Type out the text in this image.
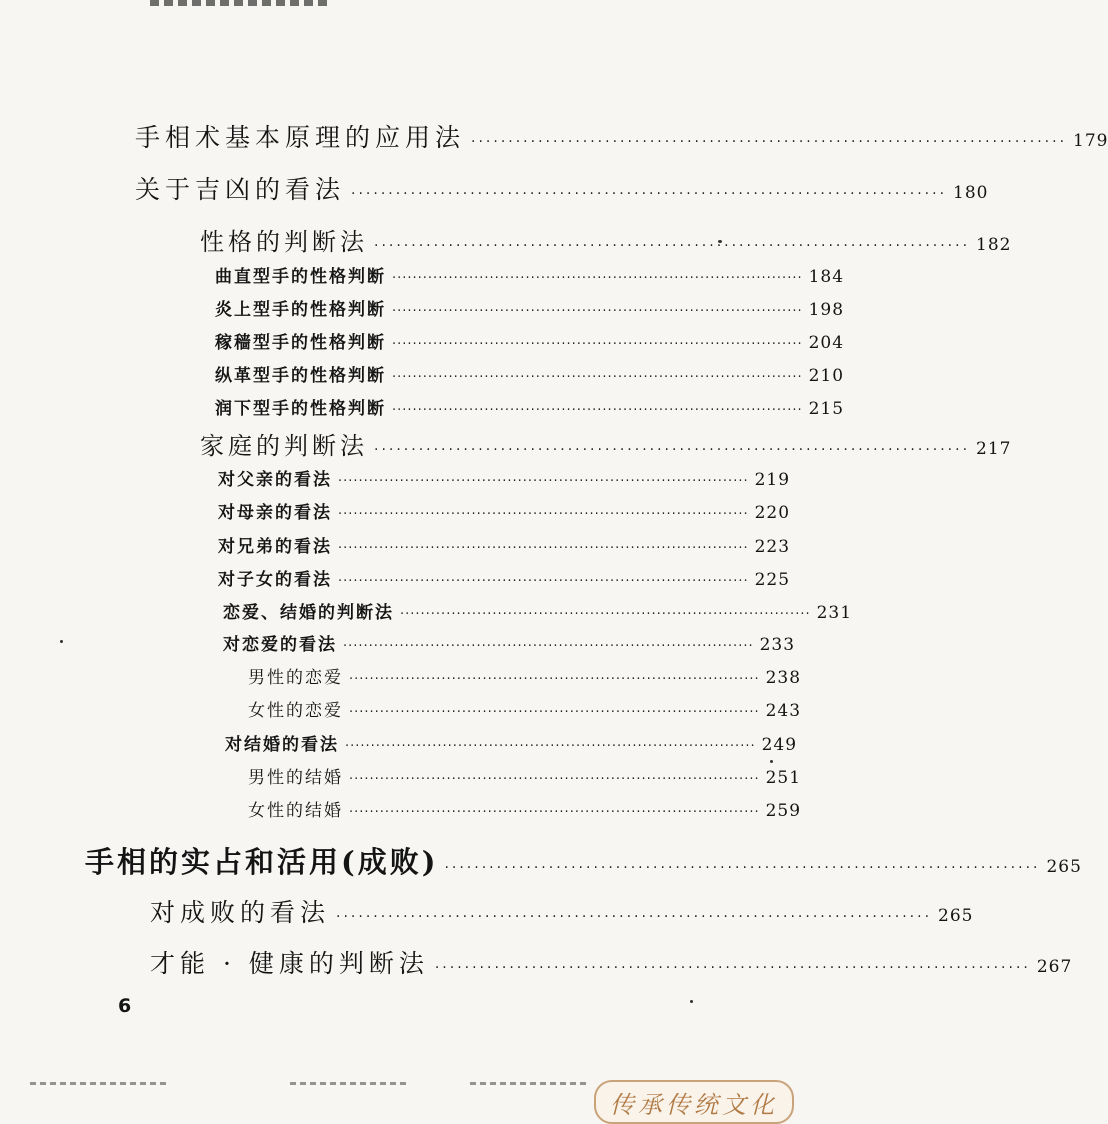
手相术基本原理的应用法 ················································································ 179
关于吉凶的看法 ················································································ 180
性格的判断法 ················································································ 182
曲直型手的性格判断 ················································································ 184
炎上型手的性格判断 ················································································ 198
稼穑型手的性格判断 ················································································ 204
纵革型手的性格判断 ················································································ 210
润下型手的性格判断 ················································································ 215
家庭的判断法 ················································································ 217
对父亲的看法 ················································································ 219
对母亲的看法 ················································································ 220
对兄弟的看法 ················································································ 223
对子女的看法 ················································································ 225
恋爱、结婚的判断法 ················································································ 231
对恋爱的看法 ················································································ 233
男性的恋爱 ················································································ 238
女性的恋爱 ················································································ 243
对结婚的看法 ················································································ 249
男性的结婚 ················································································ 251
女性的结婚 ················································································ 259
手相的实占和活用(成败) ················································································ 265
对成败的看法 ················································································ 265
才能 · 健康的判断法 ················································································ 267
6
传承传统文化
